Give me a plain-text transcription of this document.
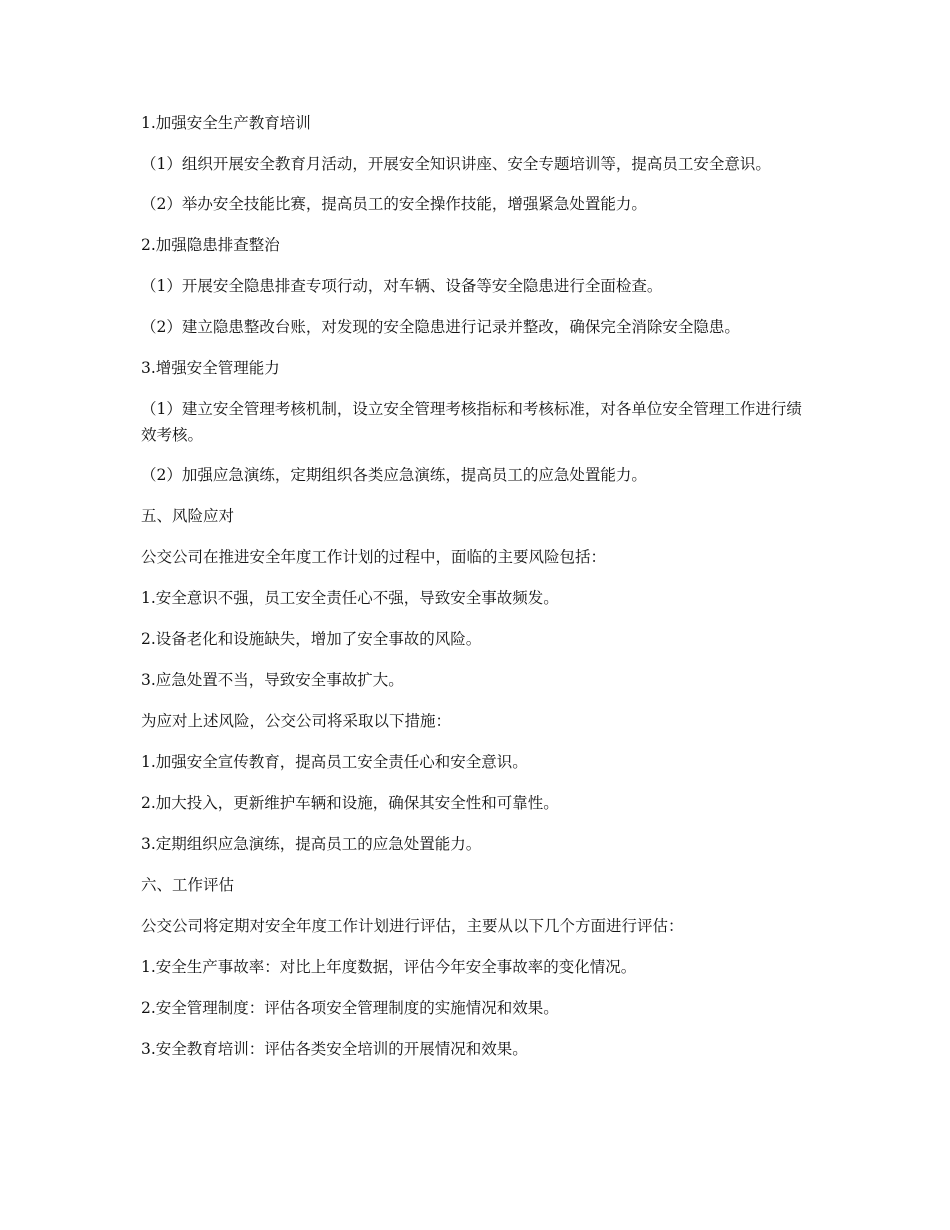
1.加强安全生产教育培训

（1）组织开展安全教育月活动，开展安全知识讲座、安全专题培训等，提高员工安全意识。

（2）举办安全技能比赛，提高员工的安全操作技能，增强紧急处置能力。

2.加强隐患排查整治

（1）开展安全隐患排查专项行动，对车辆、设备等安全隐患进行全面检查。

（2）建立隐患整改台账，对发现的安全隐患进行记录并整改，确保完全消除安全隐患。

3.增强安全管理能力

（1）建立安全管理考核机制，设立安全管理考核指标和考核标准，对各单位安全管理工作进行绩效考核。

（2）加强应急演练，定期组织各类应急演练，提高员工的应急处置能力。

五、风险应对

公交公司在推进安全年度工作计划的过程中，面临的主要风险包括：

1.安全意识不强，员工安全责任心不强，导致安全事故频发。

2.设备老化和设施缺失，增加了安全事故的风险。

3.应急处置不当，导致安全事故扩大。

为应对上述风险，公交公司将采取以下措施：

1.加强安全宣传教育，提高员工安全责任心和安全意识。

2.加大投入，更新维护车辆和设施，确保其安全性和可靠性。

3.定期组织应急演练，提高员工的应急处置能力。

六、工作评估

公交公司将定期对安全年度工作计划进行评估，主要从以下几个方面进行评估：

1.安全生产事故率：对比上年度数据，评估今年安全事故率的变化情况。

2.安全管理制度：评估各项安全管理制度的实施情况和效果。

3.安全教育培训：评估各类安全培训的开展情况和效果。
